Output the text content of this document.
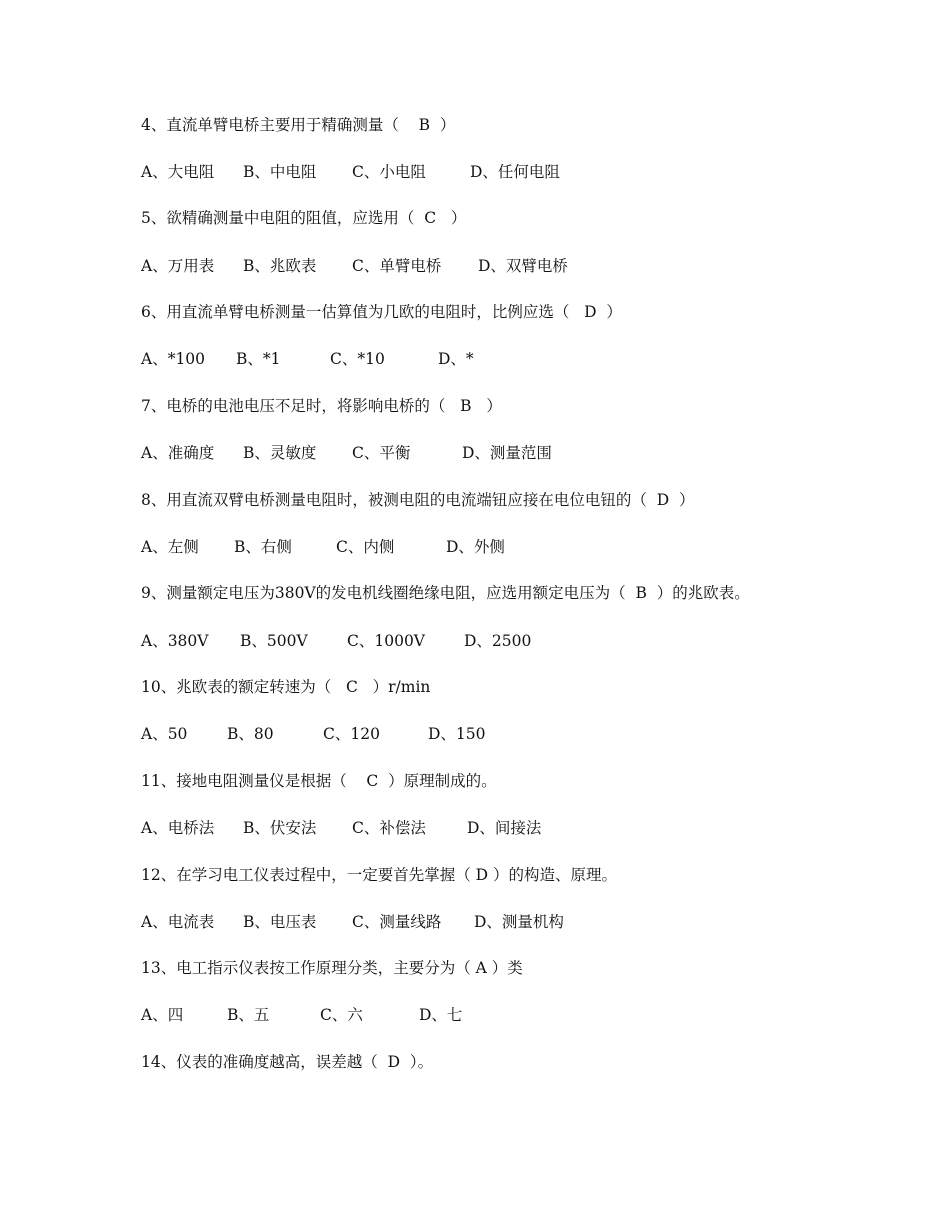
4、直流单臂电桥主要用于精确测量（    B  ）

A、大电阻

B、中电阻

C、小电阻

	D、任何电阻

5、欲精确测量中电阻的阻值，应选用（  C   ）

A、万用表

B、兆欧表

C、单臂电桥

D、双臂电桥

6、用直流单臂电桥测量一估算值为几欧的电阻时，比例应选（   D  ）

A、*100

B、*1

	C、*10

	D、*

7、电桥的电池电压不足时，将影响电桥的（   B   ）

A、准确度

B、灵敏度

C、平衡

	D、测量范围

8、用直流双臂电桥测量电阻时，被测电阻的电流端钮应接在电位电钮的（  D  ）

A、左侧

B、右侧

	C、内侧

	D、外侧

9、测量额定电压为380V的发电机线圈绝缘电阻，应选用额定电压为（  B  ）的兆欧表。

A、380V

B、500V

	C、1000V

	D、2500

10、兆欧表的额定转速为（   C   ）r/min

A、50

	B、80

	C、120

	D、150

11、接地电阻测量仪是根据（    C  ）原理制成的。

A、电桥法

B、伏安法

C、补偿法

	D、间接法

12、在学习电工仪表过程中，一定要首先掌握（ D ）的构造、原理。

A、电流表

B、电压表

C、测量线路

D、测量机构

13、电工指示仪表按工作原理分类，主要分为（ A ）类

A、四

	B、五

	C、六

	D、七

14、仪表的准确度越高，误差越（  D  ）。
